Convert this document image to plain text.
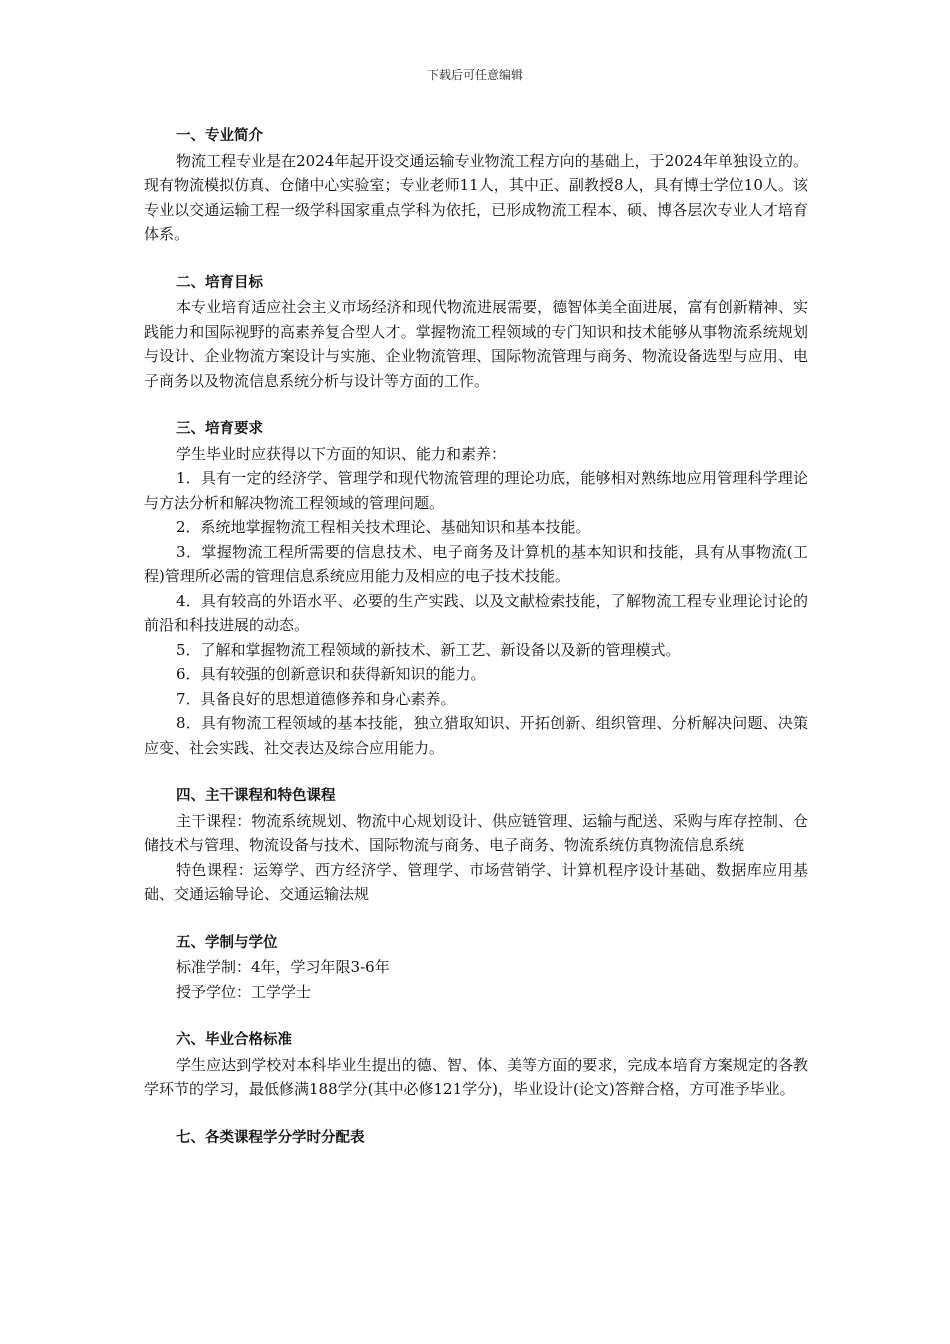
下载后可任意编辑
一、专业简介

物流工程专业是在2024年起开设交通运输专业物流工程方向的基础上，于2024年单独设立的。现有物流模拟仿真、仓储中心实验室；专业老师11人，其中正、副教授8人，具有博士学位10人。该专业以交通运输工程一级学科国家重点学科为依托，已形成物流工程本、硕、博各层次专业人才培育体系。

二、培育目标

本专业培育适应社会主义市场经济和现代物流进展需要，德智体美全面进展，富有创新精神、实践能力和国际视野的高素养复合型人才。掌握物流工程领域的专门知识和技术能够从事物流系统规划与设计、企业物流方案设计与实施、企业物流管理、国际物流管理与商务、物流设备选型与应用、电子商务以及物流信息系统分析与设计等方面的工作。

三、培育要求

学生毕业时应获得以下方面的知识、能力和素养：

1．具有一定的经济学、管理学和现代物流管理的理论功底，能够相对熟练地应用管理科学理论与方法分析和解决物流工程领域的管理问题。

2．系统地掌握物流工程相关技术理论、基础知识和基本技能。

3．掌握物流工程所需要的信息技术、电子商务及计算机的基本知识和技能，具有从事物流(工程)管理所必需的管理信息系统应用能力及相应的电子技术技能。

4．具有较高的外语水平、必要的生产实践、以及文献检索技能，了解物流工程专业理论讨论的前沿和科技进展的动态。

5．了解和掌握物流工程领域的新技术、新工艺、新设备以及新的管理模式。

6．具有较强的创新意识和获得新知识的能力。

7．具备良好的思想道德修养和身心素养。

8．具有物流工程领域的基本技能，独立猎取知识、开拓创新、组织管理、分析解决问题、决策应变、社会实践、社交表达及综合应用能力。

四、主干课程和特色课程

主干课程：物流系统规划、物流中心规划设计、供应链管理、运输与配送、采购与库存控制、仓储技术与管理、物流设备与技术、国际物流与商务、电子商务、物流系统仿真物流信息系统

特色课程：运筹学、西方经济学、管理学、市场营销学、计算机程序设计基础、数据库应用基础、交通运输导论、交通运输法规

五、学制与学位

标准学制：4年，学习年限3-6年

授予学位：工学学士

六、毕业合格标准

学生应达到学校对本科毕业生提出的德、智、体、美等方面的要求，完成本培育方案规定的各教学环节的学习，最低修满188学分(其中必修121学分)，毕业设计(论文)答辩合格，方可准予毕业。

七、各类课程学分学时分配表
